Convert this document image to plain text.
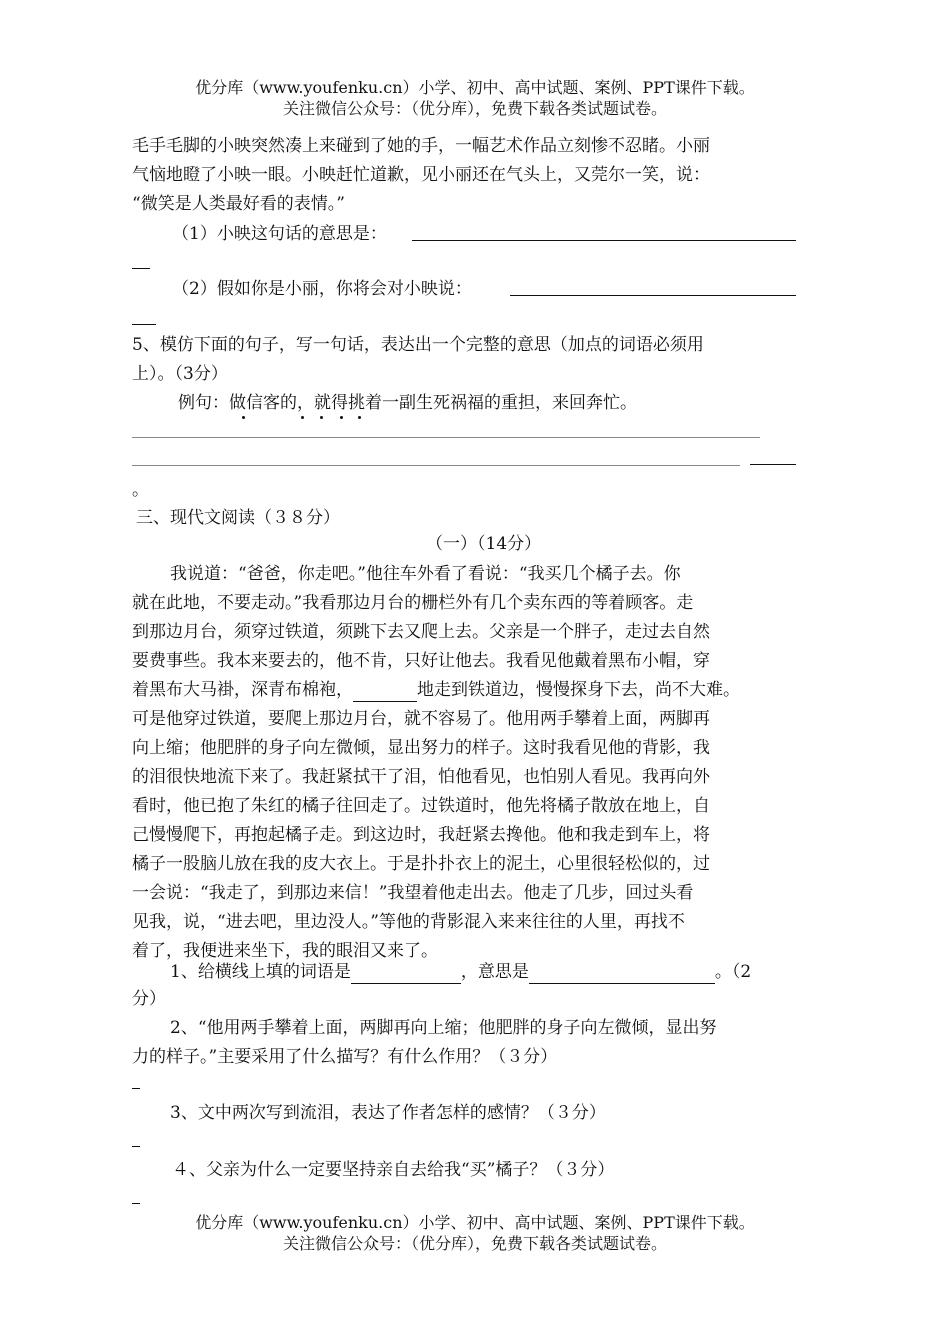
优分库（www.youfenku.cn）小学、初中、高中试题、案例、PPT课件下载。
关注微信公众号：（优分库），免费下载各类试题试卷。
毛手毛脚的小映突然凑上来碰到了她的手，一幅艺术作品立刻惨不忍睹。小丽
气恼地瞪了小映一眼。小映赶忙道歉，见小丽还在气头上，又莞尔一笑，说：
“微笑是人类最好看的表情。”
（1）小映这句话的意思是：
（2）假如你是小丽，你将会对小映说：
5、模仿下面的句子，写一句话，表达出一个完整的意思（加点的词语必须用
上）。（3分）
例句：做信客的，就得挑着一副生死祸福的重担，来回奔忙。
。
三、现代文阅读（３８分）
（一）（14分）
我说道：“爸爸，你走吧。”他往车外看了看说：“我买几个橘子去。你
就在此地，不要走动。”我看那边月台的栅栏外有几个卖东西的等着顾客。走
到那边月台，须穿过铁道，须跳下去又爬上去。父亲是一个胖子，走过去自然
要费事些。我本来要去的，他不肯，只好让他去。我看见他戴着黑布小帽，穿
着黑布大马褂，深青布棉袍，	地走到铁道边，慢慢探身下去，尚不大难。
可是他穿过铁道，要爬上那边月台，就不容易了。他用两手攀着上面，两脚再
向上缩；他肥胖的身子向左微倾，显出努力的样子。这时我看见他的背影，我
的泪很快地流下来了。我赶紧拭干了泪，怕他看见，也怕别人看见。我再向外
看时，他已抱了朱红的橘子往回走了。过铁道时，他先将橘子散放在地上，自
己慢慢爬下，再抱起橘子走。到这边时，我赶紧去搀他。他和我走到车上，将
橘子一股脑儿放在我的皮大衣上。于是扑扑衣上的泥土，心里很轻松似的，过
一会说：“我走了，到那边来信！”我望着他走出去。他走了几步，回过头看
见我，说，“进去吧，里边没人。”等他的背影混入来来往往的人里，再找不
着了，我便进来坐下，我的眼泪又来了。
1、给横线上填的词语是	，意思是	。（2
分）
2、“他用两手攀着上面，两脚再向上缩；他肥胖的身子向左微倾，显出努
力的样子。”主要采用了什么描写？有什么作用？（３分）
3、文中两次写到流泪，表达了作者怎样的感情？（３分）
４、父亲为什么一定要坚持亲自去给我“买”橘子？（３分）
优分库（www.youfenku.cn）小学、初中、高中试题、案例、PPT课件下载。
关注微信公众号：（优分库），免费下载各类试题试卷。
